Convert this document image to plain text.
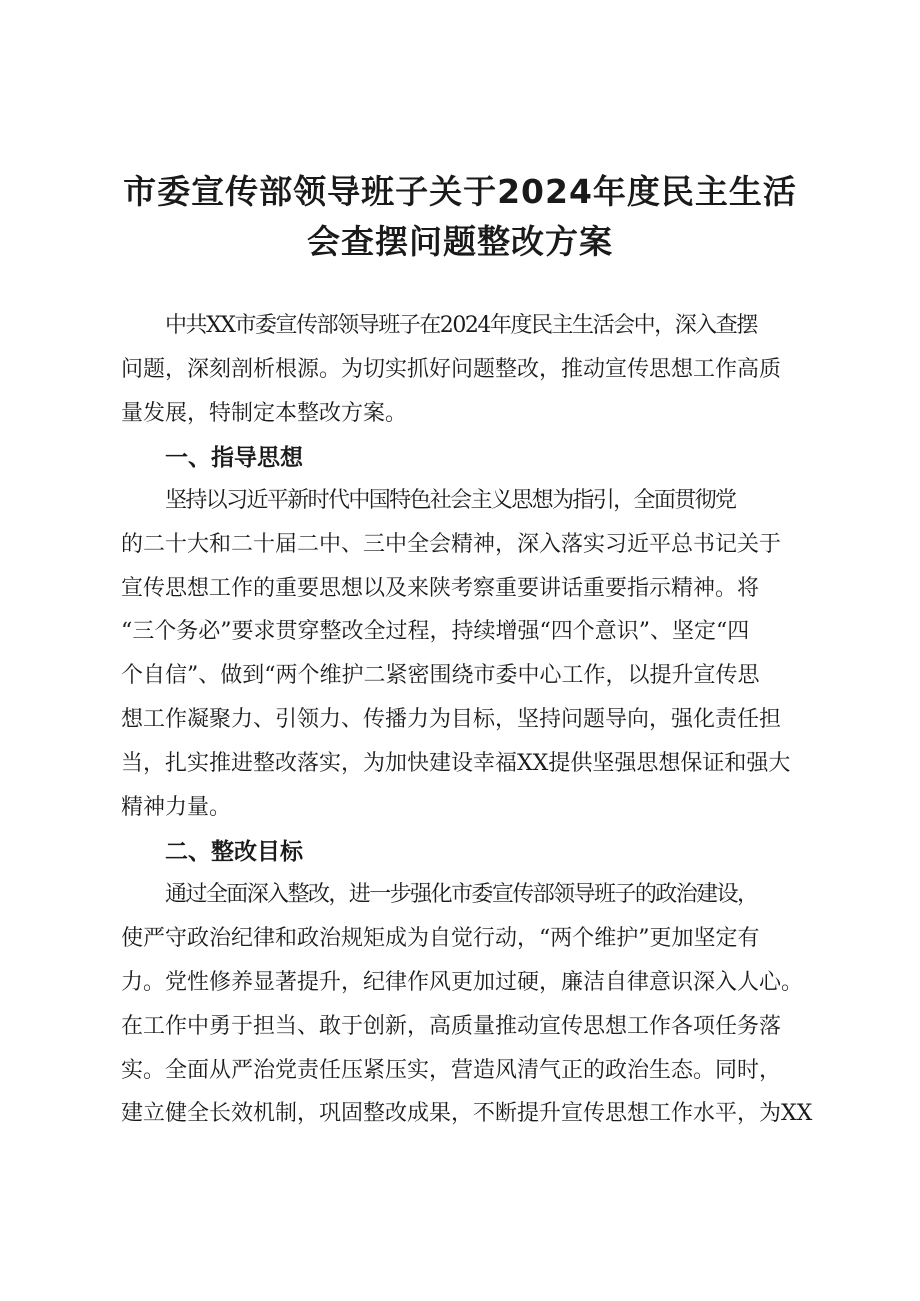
市委宣传部领导班子关于2024年度民主生活
会查摆问题整改方案

中共XX市委宣传部领导班子在2024年度民主生活会中，深入查摆

问题，深刻剖析根源。为切实抓好问题整改，推动宣传思想工作高质

量发展，特制定本整改方案。

一、指导思想

坚持以习近平新时代中国特色社会主义思想为指引，全面贯彻党

的二十大和二十届二中、三中全会精神，深入落实习近平总书记关于

宣传思想工作的重要思想以及来陕考察重要讲话重要指示精神。将

“三个务必”要求贯穿整改全过程，持续增强“四个意识”、坚定“四

个自信”、做到“两个维护二紧密围绕市委中心工作，以提升宣传思

想工作凝聚力、引领力、传播力为目标，坚持问题导向，强化责任担

当，扎实推进整改落实，为加快建设幸福XX提供坚强思想保证和强大

精神力量。

二、整改目标

通过全面深入整改，进一步强化市委宣传部领导班子的政治建设，

使严守政治纪律和政治规矩成为自觉行动，“两个维护”更加坚定有

力。党性修养显著提升，纪律作风更加过硬，廉洁自律意识深入人心。

在工作中勇于担当、敢于创新，高质量推动宣传思想工作各项任务落

实。全面从严治党责任压紧压实，营造风清气正的政治生态。同时，

建立健全长效机制，巩固整改成果，不断提升宣传思想工作水平，为XX
